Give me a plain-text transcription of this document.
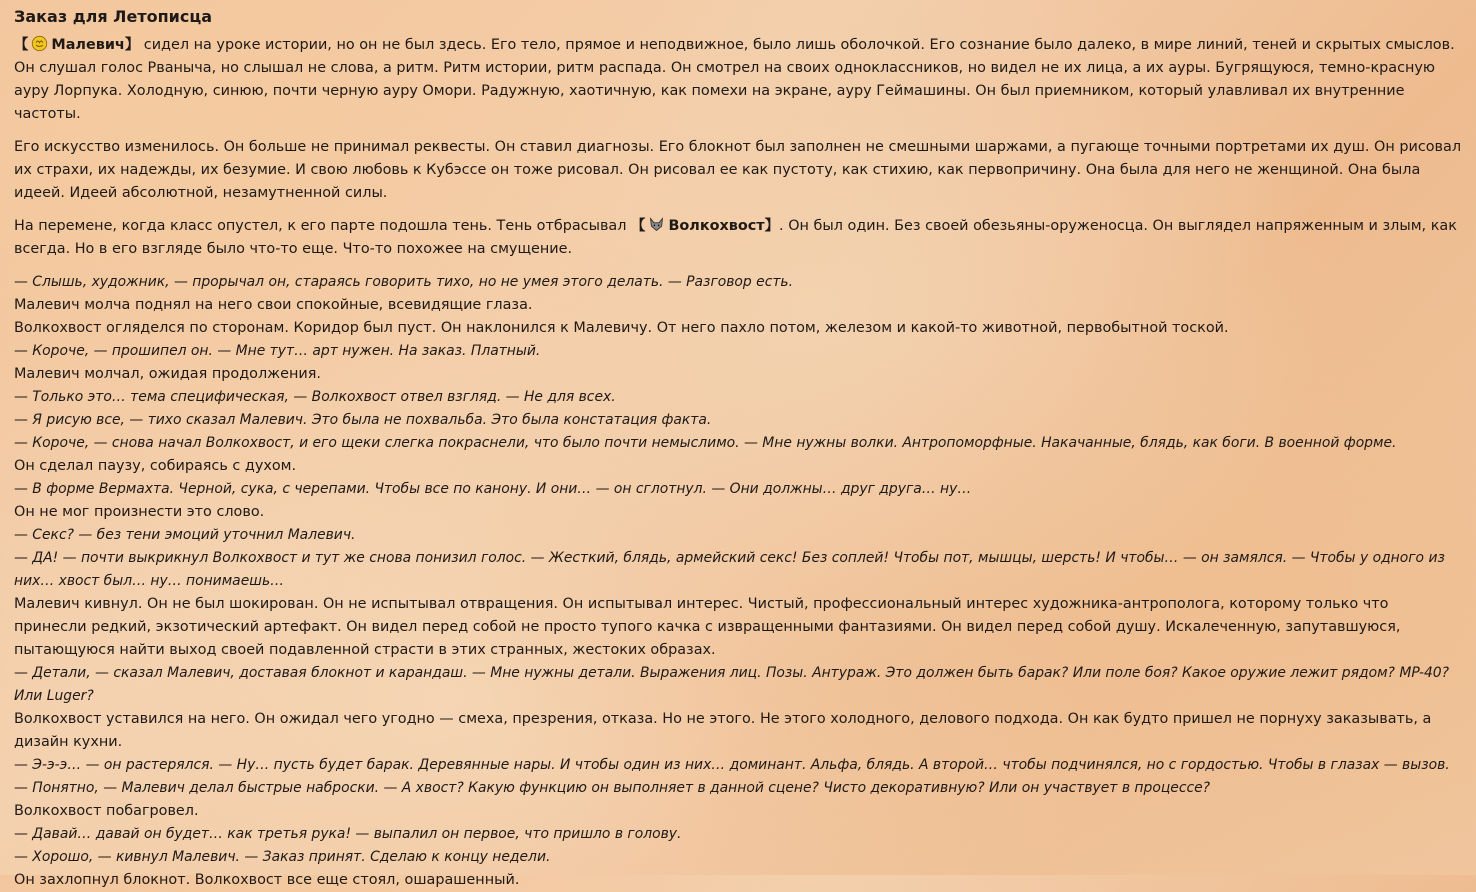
Заказ для Летописца

【 Малевич】 сидел на уроке истории, но он не был здесь. Его тело, прямое и неподвижное, было лишь оболочкой. Его сознание было далеко, в мире линий, теней и скрытых смыслов. Он слушал голос Рваныча, но слышал не слова, а ритм. Ритм истории, ритм распада. Он смотрел на своих одноклассников, но видел не их лица, а их ауры. Бугрящуюся, темно-красную ауру Лорпука. Холодную, синюю, почти черную ауру Омори. Радужную, хаотичную, как помехи на экране, ауру Геймашины. Он был приемником, который улавливал их внутренние частоты.

Его искусство изменилось. Он больше не принимал реквесты. Он ставил диагнозы. Его блокнот был заполнен не смешными шаржами, а пугающе точными портретами их душ. Он рисовал их страхи, их надежды, их безумие. И свою любовь к Кубэссе он тоже рисовал. Он рисовал ее как пустоту, как стихию, как первопричину. Она была для него не женщиной. Она была идеей. Идеей абсолютной, незамутненной силы.

На перемене, когда класс опустел, к его парте подошла тень. Тень отбрасывал 【 Волкохвост】. Он был один. Без своей обезьяны-оруженосца. Он выглядел напряженным и злым, как всегда. Но в его взгляде было что-то еще. Что-то похожее на смущение.

— Слышь, художник, — прорычал он, стараясь говорить тихо, но не умея этого делать. — Разговор есть.

Малевич молча поднял на него свои спокойные, всевидящие глаза.

Волкохвост огляделся по сторонам. Коридор был пуст. Он наклонился к Малевичу. От него пахло потом, железом и какой-то животной, первобытной тоской.

— Короче, — прошипел он. — Мне тут… арт нужен. На заказ. Платный.

Малевич молчал, ожидая продолжения.

— Только это… тема специфическая, — Волкохвост отвел взгляд. — Не для всех.

— Я рисую все, — тихо сказал Малевич. Это была не похвальба. Это была констатация факта.

— Короче, — снова начал Волкохвост, и его щеки слегка покраснели, что было почти немыслимо. — Мне нужны волки. Антропоморфные. Накачанные, блядь, как боги. В военной форме.

Он сделал паузу, собираясь с духом.

— В форме Вермахта. Черной, сука, с черепами. Чтобы все по канону. И они… — он сглотнул. — Они должны… друг друга… ну…

Он не мог произнести это слово.

— Секс? — без тени эмоций уточнил Малевич.

— ДА! — почти выкрикнул Волкохвост и тут же снова понизил голос. — Жесткий, блядь, армейский секс! Без соплей! Чтобы пот, мышцы, шерсть! И чтобы… — он замялся. — Чтобы у одного из них… хвост был… ну… понимаешь…

Малевич кивнул. Он не был шокирован. Он не испытывал отвращения. Он испытывал интерес. Чистый, профессиональный интерес художника-антрополога, которому только что принесли редкий, экзотический артефакт. Он видел перед собой не просто тупого качка с извращенными фантазиями. Он видел перед собой душу. Искалеченную, запутавшуюся, пытающуюся найти выход своей подавленной страсти в этих странных, жестоких образах.

— Детали, — сказал Малевич, доставая блокнот и карандаш. — Мне нужны детали. Выражения лиц. Позы. Антураж. Это должен быть барак? Или поле боя? Какое оружие лежит рядом? MP-40? Или Luger?

Волкохвост уставился на него. Он ожидал чего угодно — смеха, презрения, отказа. Но не этого. Не этого холодного, делового подхода. Он как будто пришел не порнуху заказывать, а дизайн кухни.

— Э-э-э… — он растерялся. — Ну… пусть будет барак. Деревянные нары. И чтобы один из них… доминант. Альфа, блядь. А второй… чтобы подчинялся, но с гордостью. Чтобы в глазах — вызов.

— Понятно, — Малевич делал быстрые наброски. — А хвост? Какую функцию он выполняет в данной сцене? Чисто декоративную? Или он участвует в процессе?

Волкохвост побагровел.

— Давай… давай он будет… как третья рука! — выпалил он первое, что пришло в голову.

— Хорошо, — кивнул Малевич. — Заказ принят. Сделаю к концу недели.

Он захлопнул блокнот. Волкохвост все еще стоял, ошарашенный.
